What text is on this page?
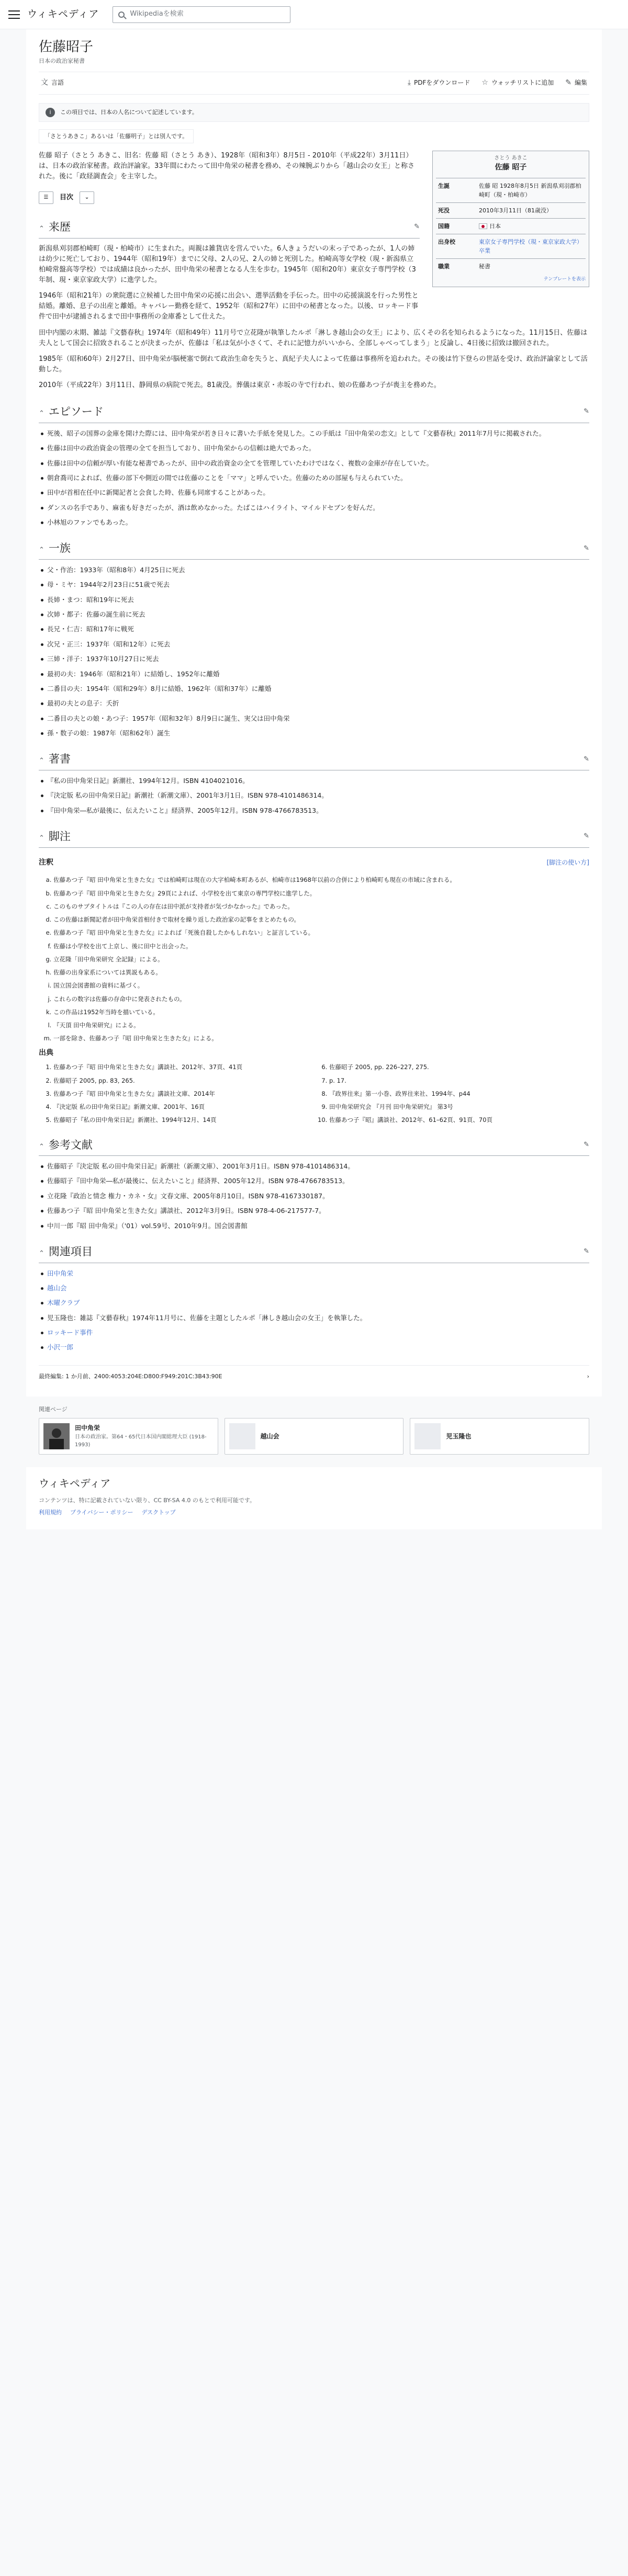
ウィキペディア	Wikipediaを検索
佐藤昭子
日本の政治家秘書
文 言語	⤓ PDFをダウンロード ☆ ウォッチリストに追加 ✎ 編集
i	この項目では、日本の人名について記述しています。
「さとうあきこ」あるいは「佐藤明子」とは別人です。

佐藤 昭子（さとう あきこ、旧名：佐藤 昭（さとう あき）、1928年（昭和3年）8月5日 - 2010年（平成22年）3月11日）は、日本の政治家秘書。政治評論家。33年間にわたって田中角栄の秘書を務め、その辣腕ぶりから「越山会の女王」と称された。後に「政経調査会」を主宰した。

☰	目次	⌄
⌃ 来歴	✎

新潟県刈羽郡柏崎町（現・柏崎市）に生まれた。両親は雑貨店を営んでいた。6人きょうだいの末っ子であったが、1人の姉は幼少に死亡しており、1944年（昭和19年）までに父母、2人の兄、2人の姉と死別した。柏崎高等女学校（現・新潟県立柏崎常盤高等学校）では成績は良かったが、田中角栄の秘書となる人生を歩む。1945年（昭和20年）東京女子専門学校（3年制、現・東京家政大学）に進学した。

1946年（昭和21年）の衆院選に立候補した田中角栄の応援に出会い、選挙活動を手伝った。田中の応援演説を行った男性と結婚。離婚、息子の出産と離婚。キャバレー勤務を経て、1952年（昭和27年）に田中の秘書となった。以後、ロッキード事件で田中が逮捕されるまで田中事務所の金庫番として仕えた。

さとう あきこ
佐藤 昭子
生誕	佐藤 昭 1928年8月5日 新潟県刈羽郡柏崎町（現・柏崎市）
死没	2010年3月11日（81歳没）
国籍	日本
出身校	東京女子専門学校（現・東京家政大学）卒業
職業	秘書
テンプレートを表示

田中内閣の末期、雑誌『文藝春秋』1974年（昭和49年）11月号で立花隆が執筆したルポ「淋しき越山会の女王」により、広くその名を知られるようになった。11月15日、佐藤は夫人として国会に招致されることが決まったが、佐藤は「私は気が小さくて、それに記憶力がいいから、全部しゃべってしまう」と反論し、4日後に招致は撤回された。

1985年（昭和60年）2月27日、田中角栄が脳梗塞で倒れて政治生命を失うと、真紀子夫人によって佐藤は事務所を追われた。その後は竹下登らの世話を受け、政治評論家として活動した。

2010年（平成22年）3月11日、静岡県の病院で死去。81歳没。葬儀は東京・赤坂の寺で行われ、娘の佐藤あつ子が喪主を務めた。

⌃ エピソード	✎
死後、昭子の国葬の金庫を開けた際には、田中角栄が若き日々に書いた手紙を発見した。この手紙は『田中角栄の恋文』として『文藝春秋』2011年7月号に掲載された。
佐藤は田中の政治資金の管理の全てを担当しており、田中角栄からの信頼は絶大であった。
佐藤は田中の信頼が厚い有能な秘書であったが、田中の政治資金の全てを管理していたわけではなく、複数の金庫が存在していた。
朝倉喬司によれば、佐藤の部下や側近の間では佐藤のことを「ママ」と呼んでいた。佐藤のための部屋も与えられていた。
田中が首相在任中に新聞記者と会食した時、佐藤も同席することがあった。
ダンスの名手であり、麻雀も好きだったが、酒は飲めなかった。たばこはハイライト、マイルドセブンを好んだ。
小林旭のファンでもあった。
⌃ 一族	✎
父・作治：1933年（昭和8年）4月25日に死去
母・ミヤ：1944年2月23日に51歳で死去
長姉・まつ：昭和19年に死去
次姉・都子：佐藤の誕生前に死去
長兄・仁吉：昭和17年に戦死
次兄・正三：1937年（昭和12年）に死去
三姉・洋子：1937年10月27日に死去
最初の夫：1946年（昭和21年）に結婚し、1952年に離婚
二番目の夫：1954年（昭和29年）8月に結婚、1962年（昭和37年）に離婚
最初の夫との息子：夭折
二番目の夫との娘・あつ子：1957年（昭和32年）8月9日に誕生、実父は田中角栄
孫・数子の娘：1987年（昭和62年）誕生
⌃ 著書	✎
『私の田中角栄日記』新潮社、1994年12月。ISBN 4104021016。
『決定版 私の田中角栄日記』新潮社（新潮文庫）、2001年3月1日。ISBN 978-4101486314。
『田中角栄―私が最後に、伝えたいこと』経済界、2005年12月。ISBN 978-4766783513。
⌃ 脚注	✎
注釈	[脚注の使い方]
a. 佐藤あつ子『昭 田中角栄と生きた女』では柏崎町は現在の大字柏崎本町あるが、柏崎市は1968年以前の合併により柏崎町も現在の市域に含まれる。
b. 佐藤あつ子『昭 田中角栄と生きた女』29頁によれば、小学校を出て東京の専門学校に進学した。
c. このものサブタイトルは『この人の存在は田中派が支持者が気づかなかった』であった。
d. この佐藤は新聞記者が田中角栄首相付きで取材を繰り返した政治家の記事をまとめたもの。
e. 佐藤あつ子『昭 田中角栄と生きた女』によれば「死後自殺したかもしれない」と証言している。
f. 佐藤は小学校を出て上京し、後に田中と出会った。
g. 立花隆「田中角栄研究 全記録」による。
h. 佐藤の出身家系については異説もある。
i. 国立国会図書館の資料に基づく。
j. これらの数字は佐藤の存命中に発表されたもの。
k. この作品は1952年当時を描いている。
l. 『天頂 田中角栄研究』による。
m. 一部を除き、佐藤あつ子『昭 田中角栄と生きた女』による。
出典
1. 佐藤あつ子『昭 田中角栄と生きた女』講談社、2012年、37頁、41頁
2. 佐藤昭子 2005, pp. 83, 265.
3. 佐藤あつ子『昭 田中角栄と生きた女』講談社文庫、2014年
4. 『決定版 私の田中角栄日記』新潮文庫、2001年、16頁
5. 佐藤昭子『私の田中角栄日記』新潮社、1994年12月、14頁
6. 佐藤昭子 2005, pp. 226–227, 275.
7. p. 17.
8. 『政界往来』第一小巻、政界往来社、1994年、p44
9. 田中角栄研究会 『月刊 田中角栄研究』 第3号
10. 佐藤あつ子『昭』講談社、2012年、61–62頁、91頁、70頁
⌃ 参考文献	✎
佐藤昭子『決定版 私の田中角栄日記』新潮社（新潮文庫）、2001年3月1日。ISBN 978-4101486314。
佐藤昭子『田中角栄―私が最後に、伝えたいこと』経済界、2005年12月。ISBN 978-4766783513。
立花隆『政治と情念 権力・カネ・女』文春文庫、2005年8月10日。ISBN 978-4167330187。
佐藤あつ子『昭 田中角栄と生きた女』講談社、2012年3月9日。ISBN 978-4-06-217577-7。
中川一郎『昭 田中角栄』（'01）vol.59号、2010年9月。国会図書館
⌃ 関連項目	✎
田中角栄
越山会
木曜クラブ
児玉隆也：雑誌『文藝春秋』1974年11月号に、佐藤を主題としたルポ「淋しき越山会の女王」を執筆した。
ロッキード事件
小沢一郎
最終編集: 1 か月前、2400:4053:204E:D800:F949:201C:3B43:90E	›
関連ページ
田中角栄
日本の政治家。第64・65代日本国内閣総理大臣 (1918-1993)
越山会	児玉隆也
ウィキペディア
コンテンツは、特に記載されていない限り、CC BY-SA 4.0 のもとで利用可能です。
利用規約 プライバシー・ポリシー デスクトップ
